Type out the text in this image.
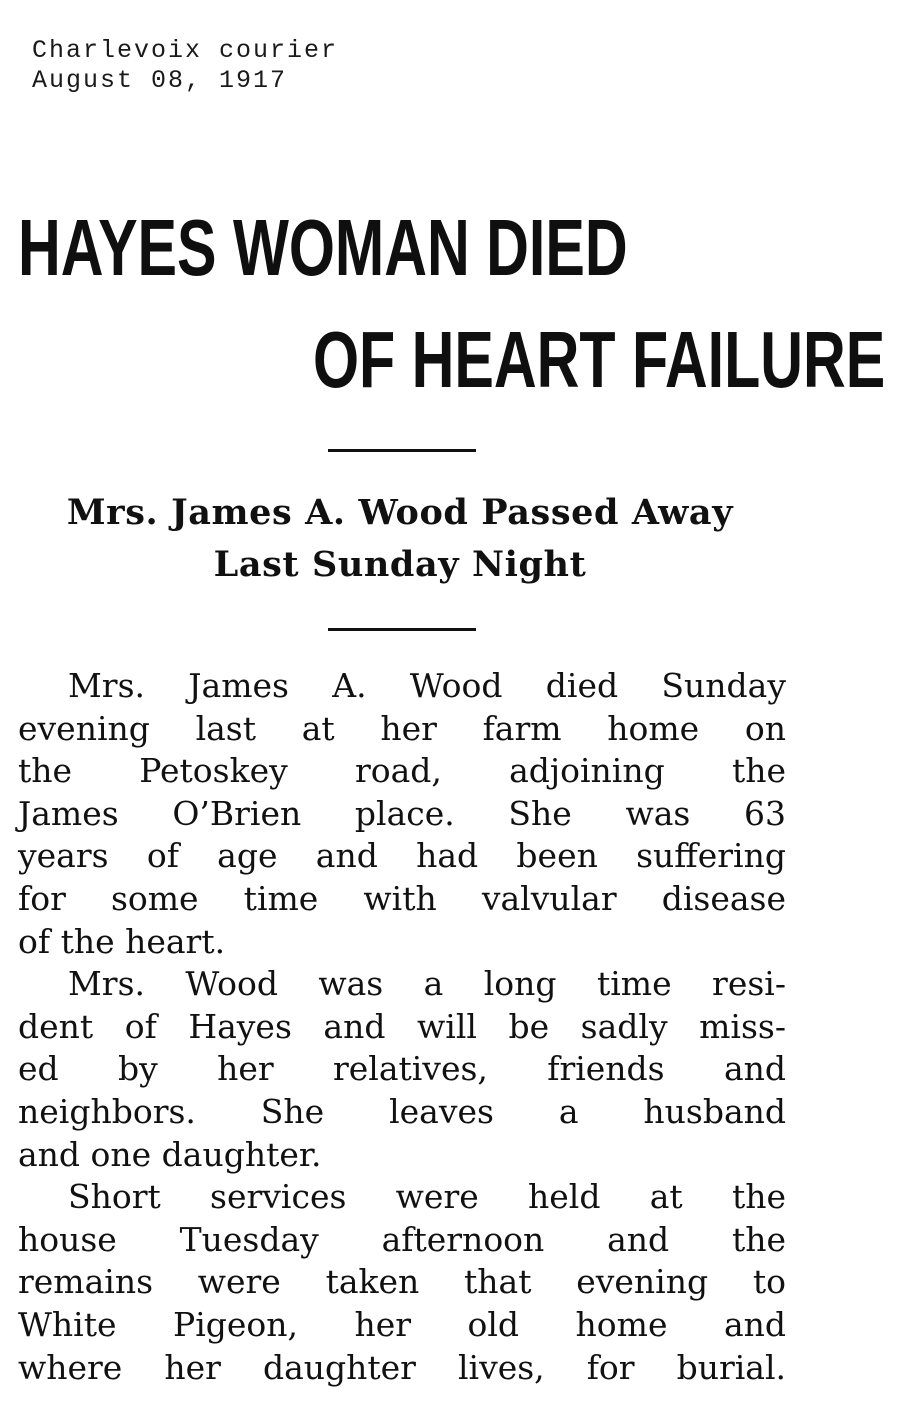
Charlevoix courier
August 08, 1917
HAYES WOMAN DIED
OF HEART FAILURE
Mrs. James A. Wood Passed Away
Last Sunday Night
Mrs. James A. Wood died Sunday
evening last at her farm home on
the Petoskey road, adjoining the
James O’Brien place. She was 63
years of age and had been suffering
for some time with valvular disease
of the heart.
Mrs. Wood was a long time resi-
dent of Hayes and will be sadly miss-
ed by her relatives, friends and
neighbors. She leaves a husband
and one daughter.
Short services were held at the
house Tuesday afternoon and the
remains were taken that evening to
White Pigeon, her old home and
where her daughter lives, for burial.
